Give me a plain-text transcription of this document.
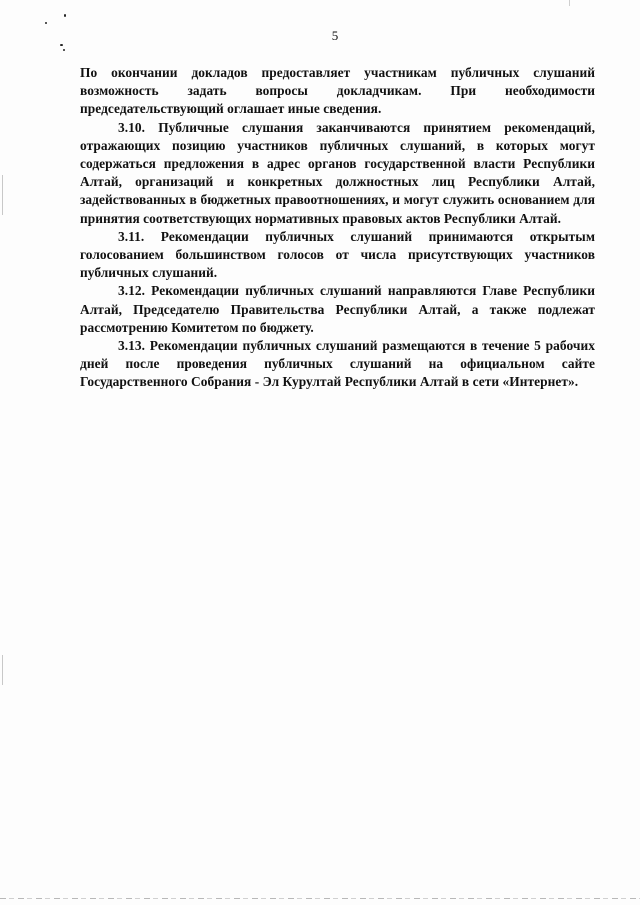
5

По окончании докладов предоставляет участникам публичных слушаний возможность задать вопросы докладчикам. При необходимости председательствующий оглашает иные сведения.

3.10. Публичные слушания заканчиваются принятием рекомендаций, отражающих позицию участников публичных слушаний, в которых могут содержаться предложения в адрес органов государственной власти Республики Алтай, организаций и конкретных должностных лиц Республики Алтай, задействованных в бюджетных правоотношениях, и могут служить основанием для принятия соответствующих нормативных правовых актов Республики Алтай.

3.11. Рекомендации публичных слушаний принимаются открытым голосованием большинством голосов от числа присутствующих участников публичных слушаний.

3.12. Рекомендации публичных слушаний направляются Главе Республики Алтай, Председателю Правительства Республики Алтай, а также подлежат рассмотрению Комитетом по бюджету.

3.13. Рекомендации публичных слушаний размещаются в течение 5 рабочих дней после проведения публичных слушаний на официальном сайте Государственного Собрания - Эл Курултай Республики Алтай в сети «Интернет».
